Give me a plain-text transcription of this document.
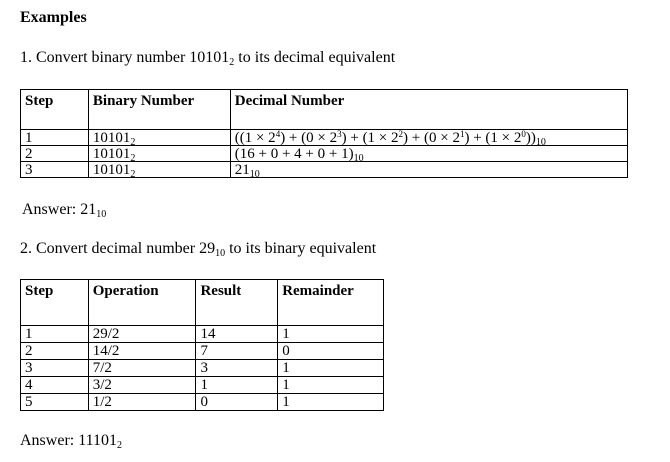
Examples
1. Convert binary number $10101_2$ to its decimal equivalent
Step	Binary Number	Decimal Number
1	$10101_2$	$((1 \times 2^4) + (0 \times 2^3) + (1 \times 2^2) + (0 \times 2^1) + (1 \times 2^0))_{10}$
2	$10101_2$	$(16 + 0 + 4 + 0 + 1)_{10}$
3	$10101_2$	$21_{10}$
Answer: $21_{10}$
2. Convert decimal number $29_{10}$ to its binary equivalent
Step	Operation	Result	Remainder
1	29/2	14	1
2	14/2	7	0
3	7/2	3	1
4	3/2	1	1
5	1/2	0	1
Answer: $11101_2$
